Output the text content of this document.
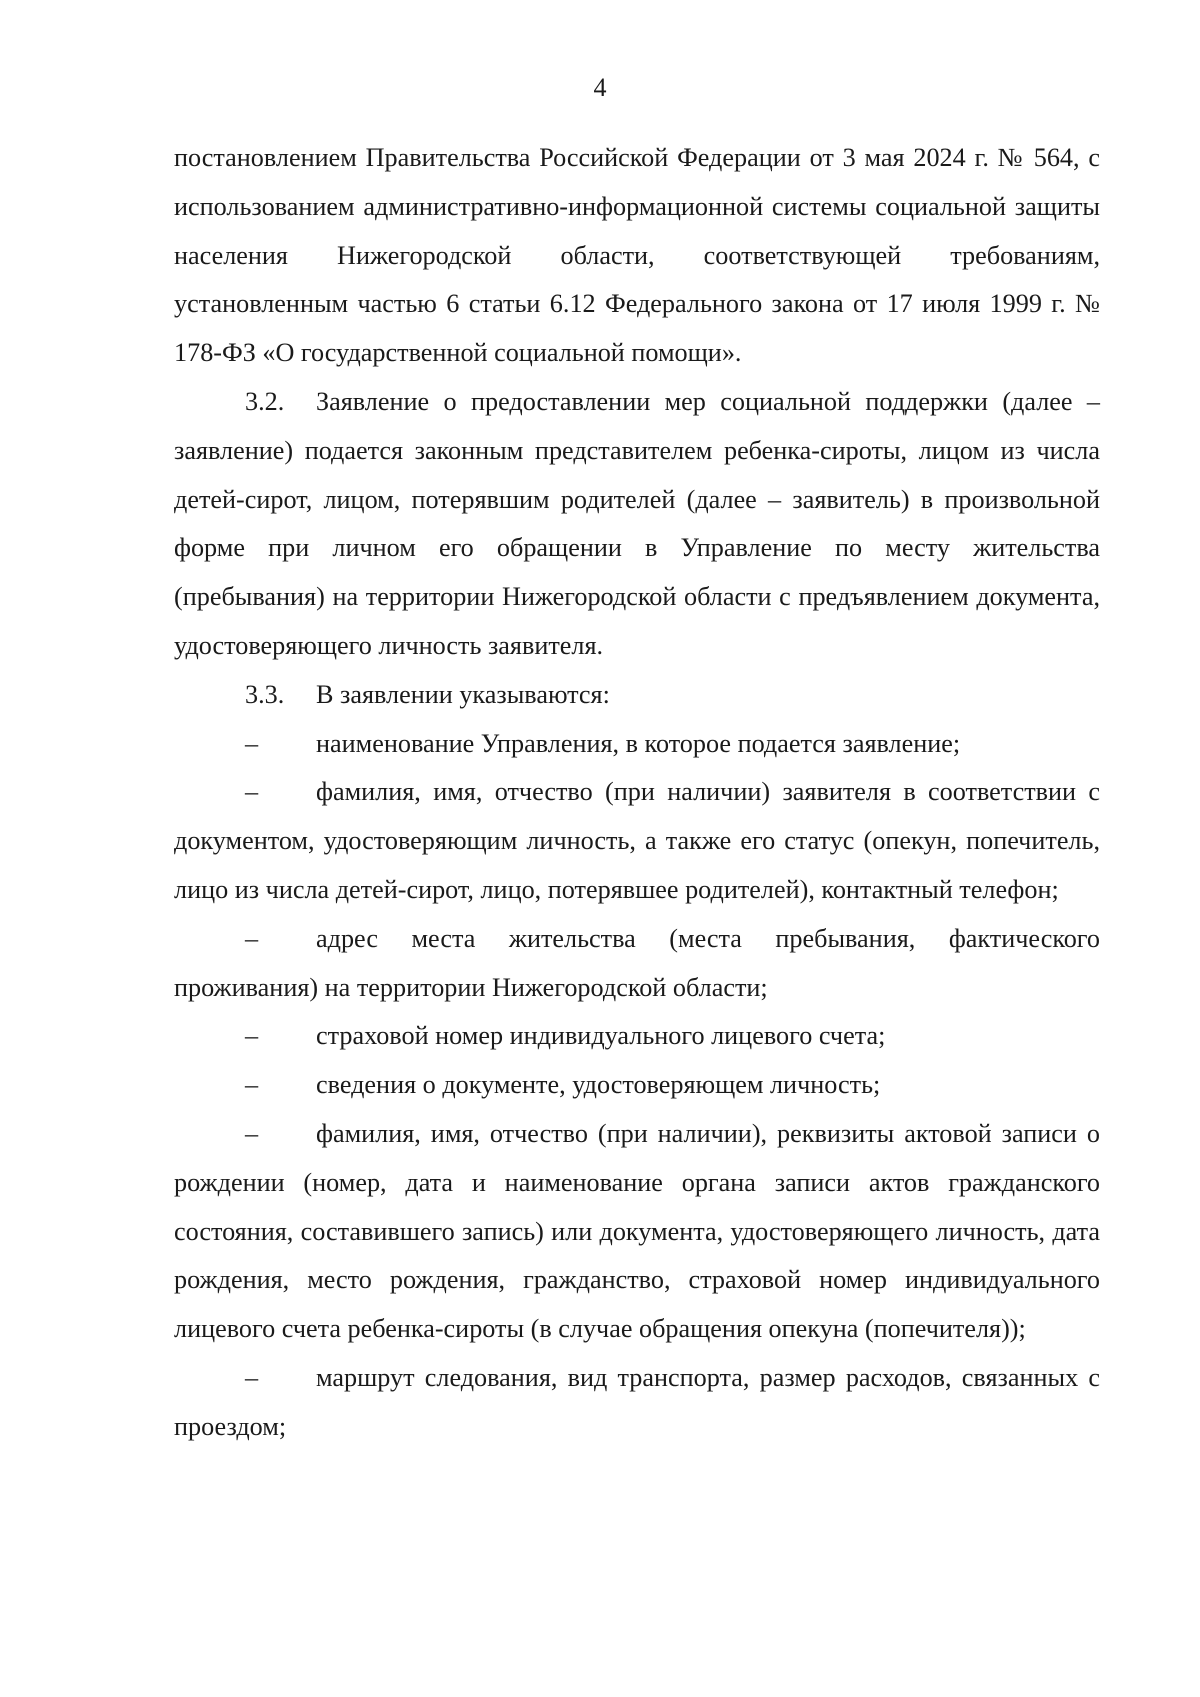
4

постановлением Правительства Российской Федерации от 3 мая 2024 г. № 564, с использованием административно-информационной системы социальной защиты населения Нижегородской области, соответствующей требованиям, установленным частью 6 статьи 6.12 Федерального закона от 17 июля 1999 г. № 178-ФЗ «О государственной социальной помощи».

3.2. Заявление о предоставлении мер социальной поддержки (далее – заявление) подается законным представителем ребенка-сироты, лицом из числа детей-сирот, лицом, потерявшим родителей (далее – заявитель) в произвольной форме при личном его обращении в Управление по месту жительства (пребывания) на территории Нижегородской области с предъявлением документа, удостоверяющего личность заявителя.

3.3. В заявлении указываются:

– наименование Управления, в которое подается заявление;

– фамилия, имя, отчество (при наличии) заявителя в соответствии с документом, удостоверяющим личность, а также его статус (опекун, попечитель, лицо из числа детей-сирот, лицо, потерявшее родителей), контактный телефон;

– адрес места жительства (места пребывания, фактического проживания) на территории Нижегородской области;

– страховой номер индивидуального лицевого счета;

– сведения о документе, удостоверяющем личность;

– фамилия, имя, отчество (при наличии), реквизиты актовой записи о рождении (номер, дата и наименование органа записи актов гражданского состояния, составившего запись) или документа, удостоверяющего личность, дата рождения, место рождения, гражданство, страховой номер индивидуального лицевого счета ребенка-сироты (в случае обращения опекуна (попечителя));

– маршрут следования, вид транспорта, размер расходов, связанных с проездом;
